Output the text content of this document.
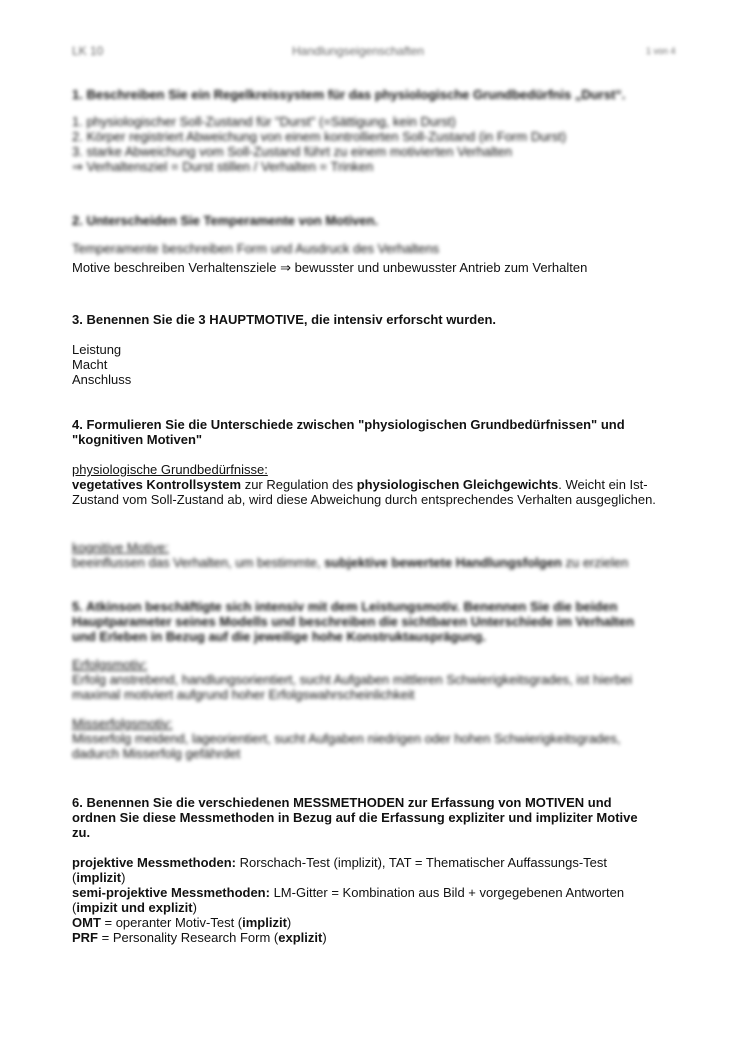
LK 10	Handlungseigenschaften	1 von 4
1. Beschreiben Sie ein Regelkreissystem für das physiologische Grundbedürfnis „Durst“.
1. physiologischer Soll-Zustand für "Durst" (=Sättigung, kein Durst)
2. Körper registriert Abweichung von einem kontrollierten Soll-Zustand (in Form Durst)
3. starke Abweichung vom Soll-Zustand führt zu einem motivierten Verhalten
⇒ Verhaltensziel = Durst stillen / Verhalten = Trinken
2. Unterscheiden Sie Temperamente von Motiven.
Temperamente beschreiben Form und Ausdruck des Verhaltens
Motive beschreiben Verhaltensziele ⇒ bewusster und unbewusster Antrieb zum Verhalten
3. Benennen Sie die 3 HAUPTMOTIVE, die intensiv erforscht wurden.
Leistung
Macht
Anschluss
4. Formulieren Sie die Unterschiede zwischen "physiologischen Grundbedürfnissen" und
"kognitiven Motiven"
physiologische Grundbedürfnisse:
vegetatives Kontrollsystem zur Regulation des physiologischen Gleichgewichts. Weicht ein Ist-Zustand vom Soll-Zustand ab, wird diese Abweichung durch entsprechendes Verhalten ausgeglichen.
kognitive Motive:
beeinflussen das Verhalten, um bestimmte, subjektive bewertete Handlungsfolgen zu erzielen
5. Atkinson beschäftigte sich intensiv mit dem Leistungsmotiv. Benennen Sie die beiden
Hauptparameter seines Modells und beschreiben die sichtbaren Unterschiede im Verhalten
und Erleben in Bezug auf die jeweilige hohe Konstruktausprägung.
Erfolgsmotiv:
Erfolg anstrebend, handlungsorientiert, sucht Aufgaben mittleren Schwierigkeitsgrades, ist hierbei
maximal motiviert aufgrund hoher Erfolgswahrscheinlichkeit
Misserfolgsmotiv:
Misserfolg meidend, lageorientiert, sucht Aufgaben niedrigen oder hohen Schwierigkeitsgrades,
dadurch Misserfolg gefährdet
6. Benennen Sie die verschiedenen MESSMETHODEN zur Erfassung von MOTIVEN und
ordnen Sie diese Messmethoden in Bezug auf die Erfassung expliziter und impliziter Motive
zu.
projektive Messmethoden: Rorschach-Test (implizit), TAT = Thematischer Auffassungs-Test
(implizit)
semi-projektive Messmethoden: LM-Gitter = Kombination aus Bild + vorgegebenen Antworten
(impizit und explizit)
OMT = operanter Motiv-Test (implizit)
PRF = Personality Research Form (explizit)
